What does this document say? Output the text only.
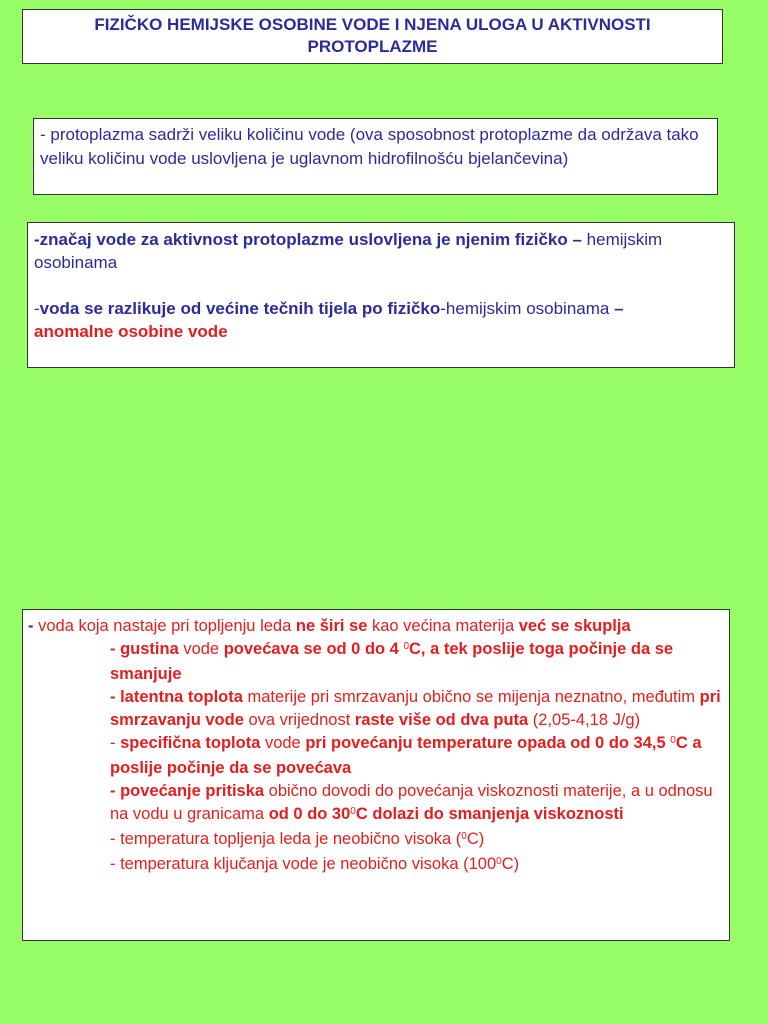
FIZIČKO HEMIJSKE OSOBINE VODE I NJENA ULOGA U AKTIVNOSTI
PROTOPLAZME
- protoplazma sadrži veliku količinu vode (ova sposobnost protoplazme da održava tako veliku količinu vode uslovljena je uglavnom hidrofilnošću bjelančevina)

-značaj vode za aktivnost protoplazme uslovljena je njenim fizičko – hemijskim osobinama

-voda se razlikuje od većine tečnih tijela po fizičko-hemijskim osobinama –
anomalne osobine vode

- voda koja nastaje pri topljenju leda ne širi se kao većina materija već se skuplja

- gustina vode povećava se od 0 do 4 $^0$C, a tek poslije toga počinje da se smanjuje

- latentna toplota materije pri smrzavanju obično se mijenja neznatno, međutim pri smrzavanju vode ova vrijednost raste više od dva puta (2,05-4,18 J/g)

- specifična toplota vode pri povećanju temperature opada od 0 do 34,5 $^0$C a poslije počinje da se povećava

- povećanje pritiska obično dovodi do povećanja viskoznosti materije, a u odnosu na vodu u granicama od 0 do $30^0C$ dolazi do smanjenja viskoznosti

- temperatura topljenja leda je neobično visoka ($^0$C)

- temperatura ključanja vode je neobično visoka $(100^0C)$
